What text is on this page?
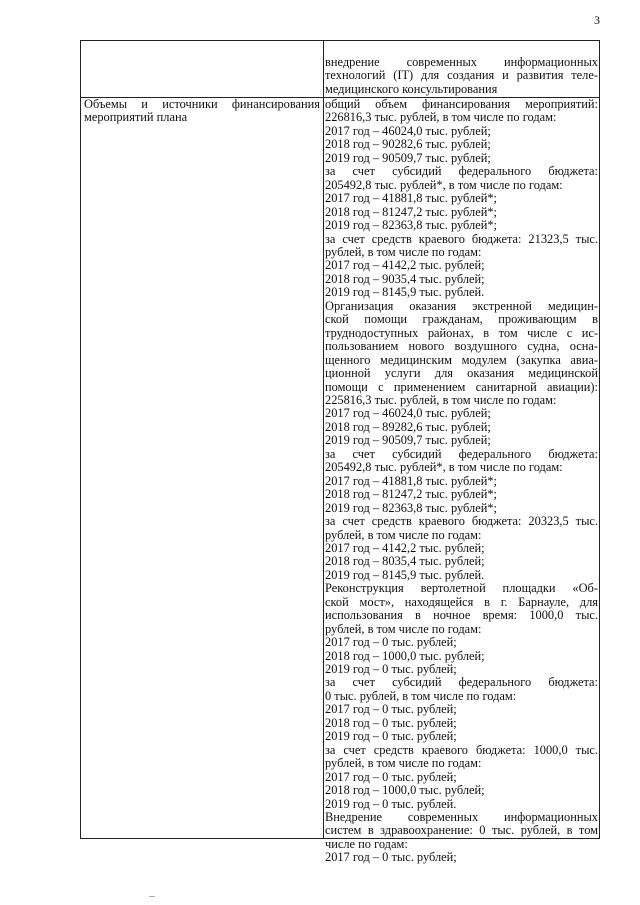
3
внедрение современных информационных
технологий (IT) для создания и развития теле-
медицинского консультирования
Объемы и источники финансирования
мероприятий плана
общий объем финансирования мероприятий:
226816,3 тыс. рублей, в том числе по годам:
2017 год – 46024,0 тыс. рублей;
2018 год – 90282,6 тыс. рублей;
2019 год – 90509,7 тыс. рублей;
за счет субсидий федерального бюджета:
205492,8 тыс. рублей*, в том числе по годам:
2017 год – 41881,8 тыс. рублей*;
2018 год – 81247,2 тыс. рублей*;
2019 год – 82363,8 тыс. рублей*;
за счет средств краевого бюджета: 21323,5 тыс.
рублей, в том числе по годам:
2017 год – 4142,2 тыс. рублей;
2018 год – 9035,4 тыс. рублей;
2019 год – 8145,9 тыс. рублей.
Организация оказания экстренной медицин-
ской помощи гражданам, проживающим в
труднодоступных районах, в том числе с ис-
пользованием нового воздушного судна, осна-
щенного медицинским модулем (закупка авиа-
ционной услуги для оказания медицинской
помощи с применением санитарной авиации):
225816,3 тыс. рублей, в том числе по годам:
2017 год – 46024,0 тыс. рублей;
2018 год – 89282,6 тыс. рублей;
2019 год – 90509,7 тыс. рублей;
за счет субсидий федерального бюджета:
205492,8 тыс. рублей*, в том числе по годам:
2017 год – 41881,8 тыс. рублей*;
2018 год – 81247,2 тыс. рублей*;
2019 год – 82363,8 тыс. рублей*;
за счет средств краевого бюджета: 20323,5 тыс.
рублей, в том числе по годам:
2017 год – 4142,2 тыс. рублей;
2018 год – 8035,4 тыс. рублей;
2019 год – 8145,9 тыс. рублей.
Реконструкция вертолетной площадки «Об-
ской мост», находящейся в г. Барнауле, для
использования в ночное время: 1000,0 тыс.
рублей, в том числе по годам:
2017 год – 0 тыс. рублей;
2018 год – 1000,0 тыс. рублей;
2019 год – 0 тыс. рублей;
за счет субсидий федерального бюджета:
0 тыс. рублей, в том числе по годам:
2017 год – 0 тыс. рублей;
2018 год – 0 тыс. рублей;
2019 год – 0 тыс. рублей;
за счет средств краевого бюджета: 1000,0 тыс.
рублей, в том числе по годам:
2017 год – 0 тыс. рублей;
2018 год – 1000,0 тыс. рублей;
2019 год – 0 тыс. рублей.
Внедрение современных информационных
систем в здравоохранение: 0 тыс. рублей, в том
числе по годам:
2017 год – 0 тыс. рублей;
